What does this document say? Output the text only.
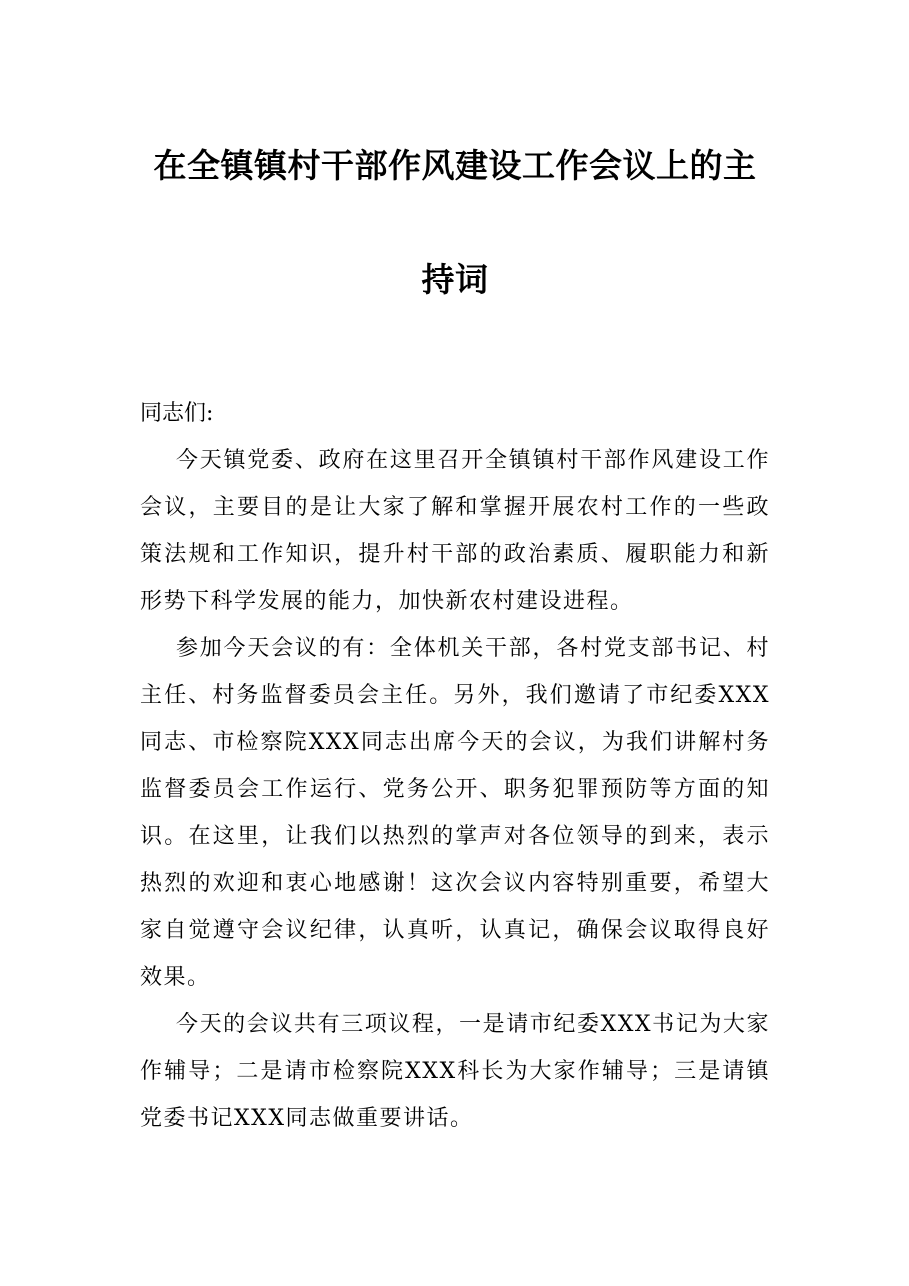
在全镇镇村干部作风建设工作会议上的主
持词

同志们:

今天镇党委、政府在这里召开全镇镇村干部作风建设工作会议，主要目的是让大家了解和掌握开展农村工作的一些政策法规和工作知识，提升村干部的政治素质、履职能力和新形势下科学发展的能力，加快新农村建设进程。

参加今天会议的有：全体机关干部，各村党支部书记、村主任、村务监督委员会主任。另外，我们邀请了市纪委XXX同志、市检察院XXX同志出席今天的会议，为我们讲解村务监督委员会工作运行、党务公开、职务犯罪预防等方面的知识。在这里，让我们以热烈的掌声对各位领导的到来，表示热烈的欢迎和衷心地感谢！这次会议内容特别重要，希望大家自觉遵守会议纪律，认真听，认真记，确保会议取得良好效果。

今天的会议共有三项议程，一是请市纪委XXX书记为大家作辅导；二是请市检察院XXX科长为大家作辅导；三是请镇党委书记XXX同志做重要讲话。
